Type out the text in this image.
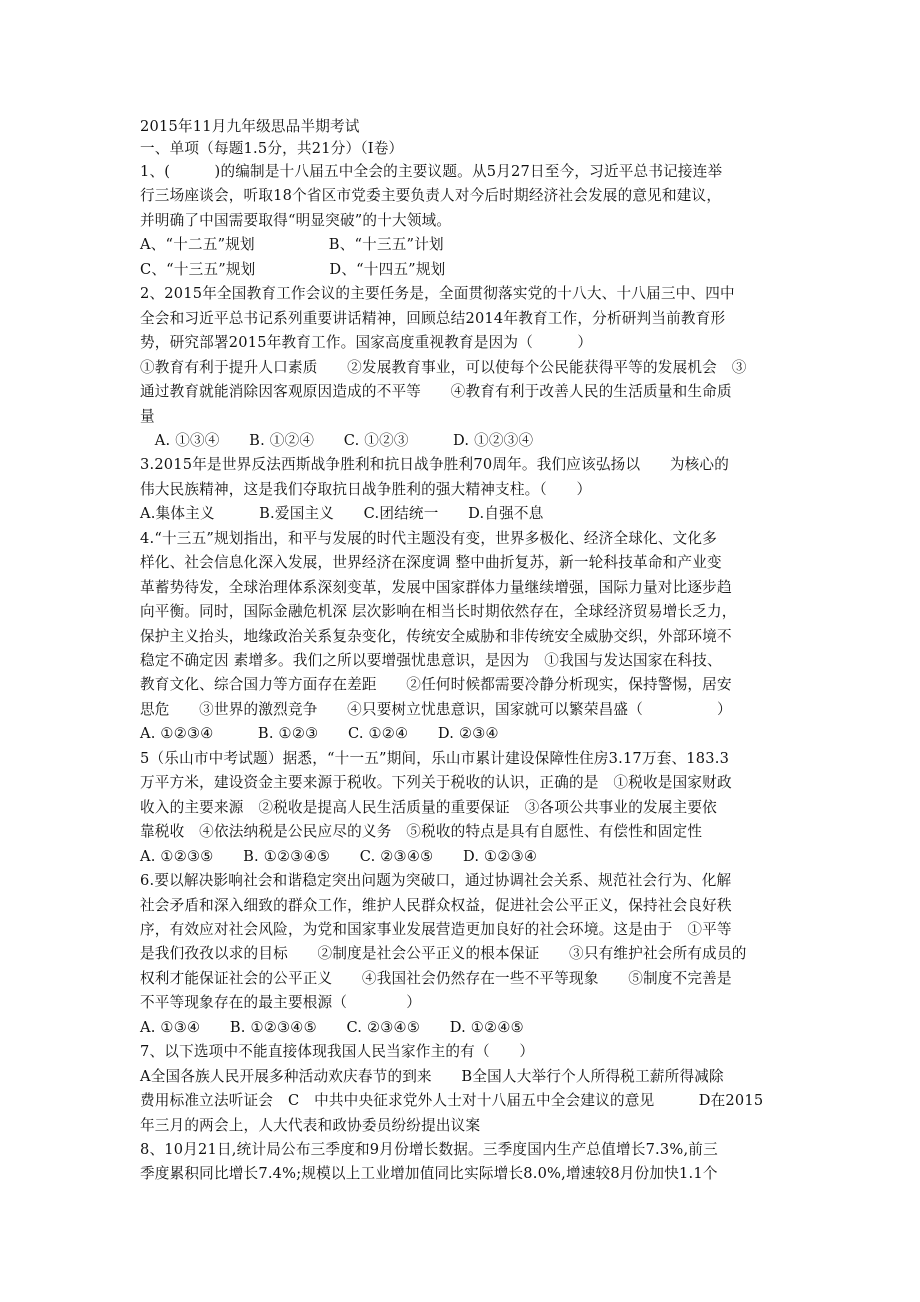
2015年11月九年级思品半期考试
一、单项（每题1.5分，共21分）（Ⅰ卷）
1、(　　　)的编制是十八届五中全会的主要议题。从5月27日至今，习近平总书记接连举
行三场座谈会，听取18个省区市党委主要负责人对今后时期经济社会发展的意见和建议，
并明确了中国需要取得“明显突破”的十大领域。
A、“十二五”规划　　　　　B、“十三五”计划
C、“十三五”规划　　　　　D、“十四五”规划
2、2015年全国教育工作会议的主要任务是，全面贯彻落实党的十八大、十八届三中、四中
全会和习近平总书记系列重要讲话精神，回顾总结2014年教育工作，分析研判当前教育形
势，研究部署2015年教育工作。国家高度重视教育是因为（　　　）
①教育有利于提升人口素质　　②发展教育事业，可以使每个公民能获得平等的发展机会　③
通过教育就能消除因客观原因造成的不平等　　④教育有利于改善人民的生活质量和生命质
量
　A. ①③④　　B. ①②④　　C. ①②③　　　D. ①②③④
3.2015年是世界反法西斯战争胜利和抗日战争胜利70周年。我们应该弘扬以　　为核心的
伟大民族精神，这是我们夺取抗日战争胜利的强大精神支柱。（　　）
A.集体主义　　　B.爱国主义　　C.团结统一　　D.自强不息
4.“十三五”规划指出，和平与发展的时代主题没有变，世界多极化、经济全球化、文化多
样化、社会信息化深入发展，世界经济在深度调 整中曲折复苏，新一轮科技革命和产业变
革蓄势待发，全球治理体系深刻变革，发展中国家群体力量继续增强，国际力量对比逐步趋
向平衡。同时，国际金融危机深 层次影响在相当长时期依然存在，全球经济贸易增长乏力，
保护主义抬头，地缘政治关系复杂变化，传统安全威胁和非传统安全威胁交织，外部环境不
稳定不确定因 素增多。我们之所以要增强忧患意识，是因为　①我国与发达国家在科技、
教育文化、综合国力等方面存在差距　　②任何时候都需要冷静分析现实，保持警惕，居安
思危　　③世界的激烈竞争　　④只要树立忧患意识，国家就可以繁荣昌盛（　　　　　）
A. ①②③④　　　B. ①②③　　C. ①②④　　D. ②③④
5（乐山市中考试题）据悉，“十一五”期间，乐山市累计建设保障性住房3.17万套、183.3
万平方米，建设资金主要来源于税收。下列关于税收的认识，正确的是　①税收是国家财政
收入的主要来源　②税收是提高人民生活质量的重要保证　③各项公共事业的发展主要依
靠税收　④依法纳税是公民应尽的义务　⑤税收的特点是具有自愿性、有偿性和固定性
A. ①②③⑤　　B. ①②③④⑤　　C. ②③④⑤　　D. ①②③④
6.要以解决影响社会和谐稳定突出问题为突破口，通过协调社会关系、规范社会行为、化解
社会矛盾和深入细致的群众工作，维护人民群众权益，促进社会公平正义，保持社会良好秩
序，有效应对社会风险，为党和国家事业发展营造更加良好的社会环境。这是由于　①平等
是我们孜孜以求的目标　　②制度是社会公平正义的根本保证　　③只有维护社会所有成员的
权利才能保证社会的公平正义　　④我国社会仍然存在一些不平等现象　　⑤制度不完善是
不平等现象存在的最主要根源（　　　　）
A. ①③④　　B. ①②③④⑤　　C. ②③④⑤　　D. ①②④⑤
7、以下选项中不能直接体现我国人民当家作主的有（　　）
A全国各族人民开展多种活动欢庆春节的到来　　B全国人大举行个人所得税工薪所得减除
费用标准立法听证会　C　中共中央征求党外人士对十八届五中全会建议的意见　　　D在2015
年三月的两会上，人大代表和政协委员纷纷提出议案
8、10月21日,统计局公布三季度和9月份增长数据。三季度国内生产总值增长7.3%,前三
季度累积同比增长7.4%;规模以上工业增加值同比实际增长8.0%,增速较8月份加快1.1个
